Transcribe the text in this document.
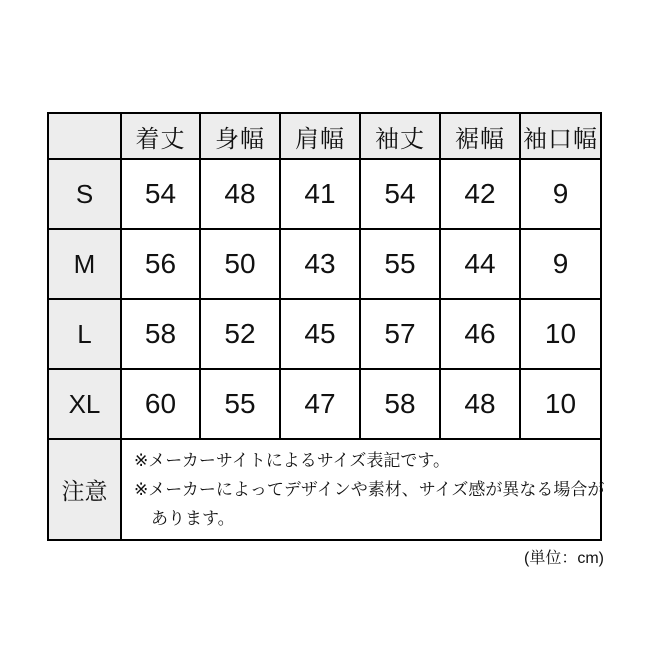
	着丈	身幅	肩幅	袖丈	裾幅	袖口幅
S	54	48	41	54	42	9
M	56	50	43	55	44	9
L	58	52	45	57	46	10
XL	60	55	47	58	48	10
注意	※メーカーサイトによるサイズ表記です。
※メーカーによってデザインや素材、サイズ感が異なる場合が
あります。					
(単位：cm)
